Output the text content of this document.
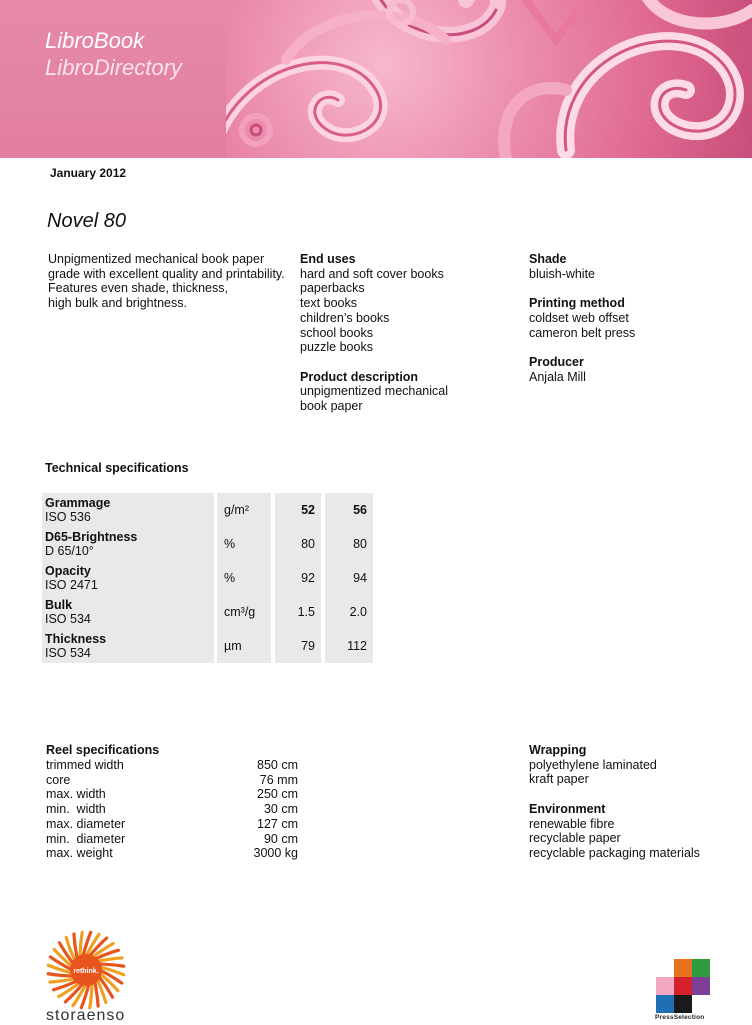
LibroBook
LibroDirectory
January 2012
Novel 80
Unpigmentized mechanical book paper
grade with excellent quality and printability.
Features even shade, thickness,
high bulk and brightness.
End uses
hard and soft cover books
paperbacks
text books
children’s books
school books
puzzle books
Product description
unpigmentized mechanical
book paper
Shade
bluish-white
Printing method
coldset web offset
cameron belt press
Producer
Anjala Mill
Technical specifications
Grammage
ISO 536	g/m²	52	56
D65-Brightness
D 65/10°	%	80	80
Opacity
ISO 2471	%	92	94
Bulk
ISO 534	cm³/g	1.5	2.0
Thickness
ISO 534	µm	79	112
Reel specifications
trimmed width	850 cm
core	76 mm
max. width	250 cm
min.  width	30 cm
max. diameter	127 cm
min.  diameter	90 cm
max. weight	3000 kg
Wrapping
polyethylene laminated
kraft paper
Environment
renewable fibre
recyclable paper
recyclable packaging materials
rethink.
storaenso	PressSelection
